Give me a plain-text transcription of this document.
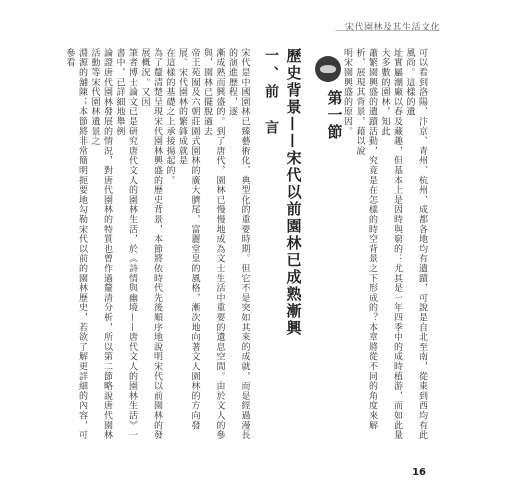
宋代園林及其生活文化

可以看到洛陽、汴京、青州、杭州、成都各地均有遺蹟，可說是自北至南，從東到西均有此風尚。這樣的遺

址實屬潮廠以春及藏趣，但基本上是因時與窮的：尤其是一年四季中的成時植游，而如此量大多數的園林，知此

蕭繁園興盛的遺蹟活動，究竟是在怎樣的時空背景之下形成的？本章將從不同的角度來解析，展現其背景，藉以說

明宋園興盛的原因。

第一節

歷史背景——宋代以前園林已成熟漸興

一、前　言

宋代是中國園林已臻藝術化、典型化的重要時期。但它不是突如其來的成就，而是經過漫長的演進歷程，逐

漸成熟而興盛的。到了唐代，園林已慢慢地成為文士生活中重要的遺息空間。由於文人的參與，園林已擺脫過去

帝王苑囿及六朝莊園式園林的廣大臍尾，富麗堂皇的風格，漸次地向著文人園林的方向發展。宋代園林的繁鋒成就是

在這樣的基礎之上承接揚起的。

為了釐清楚呈現宋代園林興盛的歷史背景，本節將依時代先後順序地說明宋代以前園林的發展概況。又因

筆者博士論文已是研究唐代文人的園林生活，於《詩情與幽境——唐代文人的園林生活》一書中，已詳細地舉例

論證唐代園林發展的情況，對唐代園林的特質也曾作過釐清分析，所以第二節略說唐代園林活動等宋代園林遺景之

淵源的舖陳；本節將非常簡明扼要地勾勒宋代以前的園林歷史，若欲了解更詳細的內容，可參看

16
